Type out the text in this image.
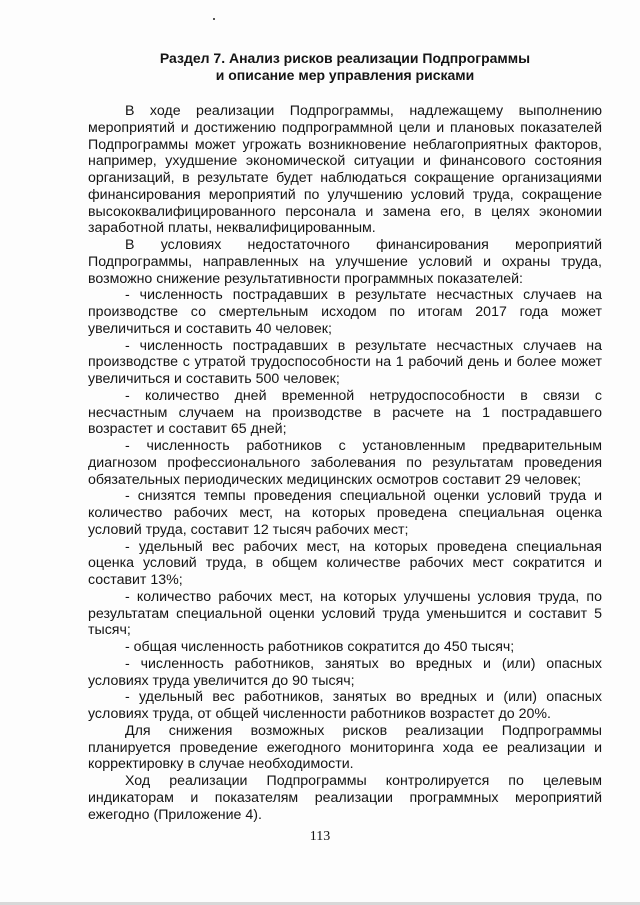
Раздел 7. Анализ рисков реализации Подпрограммы
и описание мер управления рисками

В ходе реализации Подпрограммы, надлежащему выполнению мероприятий и достижению подпрограммной цели и плановых показателей Подпрограммы может угрожать возникновение неблагоприятных факторов, например, ухудшение экономической ситуации и финансового состояния организаций, в результате будет наблюдаться сокращение организациями финансирования мероприятий по улучшению условий труда, сокращение высококвалифицированного персонала и замена его, в целях экономии заработной платы, неквалифицированным.

В условиях недостаточного финансирования мероприятий Подпрограммы, направленных на улучшение условий и охраны труда, возможно снижение результативности программных показателей:

- численность пострадавших в результате несчастных случаев на производстве со смертельным исходом по итогам 2017 года может увеличиться и составить 40 человек;

- численность пострадавших в результате несчастных случаев на производстве с утратой трудоспособности на 1 рабочий день и более может увеличиться и составить 500 человек;

- количество дней временной нетрудоспособности в связи с несчастным случаем на производстве в расчете на 1 пострадавшего возрастет и составит 65 дней;

- численность работников с установленным предварительным диагнозом профессионального заболевания по результатам проведения обязательных периодических медицинских осмотров составит 29 человек;

- снизятся темпы проведения специальной оценки условий труда и количество рабочих мест, на которых проведена специальная оценка условий труда, составит 12 тысяч рабочих мест;

- удельный вес рабочих мест, на которых проведена специальная оценка условий труда, в общем количестве рабочих мест сократится и составит 13%;

- количество рабочих мест, на которых улучшены условия труда, по результатам специальной оценки условий труда уменьшится и составит 5 тысяч;

- общая численность работников сократится до 450 тысяч;

- численность работников, занятых во вредных и (или) опасных условиях труда увеличится до 90 тысяч;

- удельный вес работников, занятых во вредных и (или) опасных условиях труда, от общей численности работников возрастет до 20%.

Для снижения возможных рисков реализации Подпрограммы планируется проведение ежегодного мониторинга хода ее реализации и корректировку в случае необходимости.

Ход реализации Подпрограммы контролируется по целевым индикаторам и показателям реализации программных мероприятий ежегодно (Приложение 4).

113
